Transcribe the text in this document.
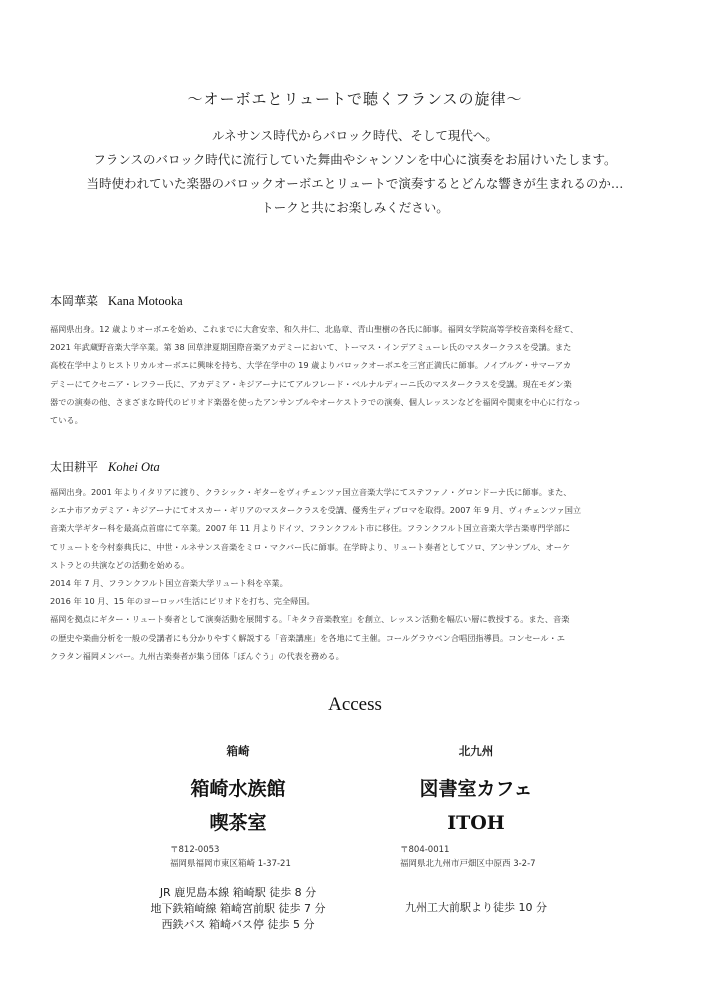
〜オーボエとリュートで聴くフランスの旋律〜
ルネサンス時代からバロック時代、そして現代へ。
フランスのバロック時代に流行していた舞曲やシャンソンを中心に演奏をお届けいたします。
当時使われていた楽器のバロックオーボエとリュートで演奏するとどんな響きが生まれるのか…
トークと共にお楽しみください。
本岡華菜 Kana Motooka
福岡県出身。12 歳よりオーボエを始め、これまでに大倉安幸、和久井仁、北島章、青山聖樹の各氏に師事。福岡女学院高等学校音楽科を経て、
2021 年武蔵野音楽大学卒業。第 38 回草津夏期国際音楽アカデミーにおいて、トーマス・インデアミューレ氏のマスタークラスを受講。また
高校在学中よりヒストリカルオーボエに興味を持ち、大学在学中の 19 歳よりバロックオーボエを三宮正満氏に師事。ノイブルグ・サマーアカ
デミーにてクセニア・レフラー氏に、アカデミア・キジアーナにてアルフレード・ベルナルディーニ氏のマスタークラスを受講。現在モダン楽
器での演奏の他、さまざまな時代のピリオド楽器を使ったアンサンブルやオーケストラでの演奏、個人レッスンなどを福岡や関東を中心に行なっ
ている。
太田耕平 Kohei Ota
福岡出身。2001 年よりイタリアに渡り、クラシック・ギターをヴィチェンツァ国立音楽大学にてステファノ・グロンドーナ氏に師事。また、
シエナ市アカデミア・キジアーナにてオスカー・ギリアのマスタークラスを受講、優秀生ディプロマを取得。2007 年 9 月、ヴィチェンツァ国立
音楽大学ギター科を最高点首席にて卒業。2007 年 11 月よりドイツ、フランクフルト市に移住。フランクフルト国立音楽大学古楽専門学部に
てリュートを今村泰典氏に、中世・ルネサンス音楽をミロ・マクバー氏に師事。在学時より、リュート奏者としてソロ、アンサンブル、オーケ
ストラとの共演などの活動を始める。
2014 年 7 月、フランクフルト国立音楽大学リュート科を卒業。
2016 年 10 月、15 年のヨーロッパ生活にピリオドを打ち、完全帰国。
福岡を拠点にギター・リュート奏者として演奏活動を展開する。「キタラ音楽教室」を創立、レッスン活動を幅広い層に教授する。また、音楽
の歴史や楽曲分析を一般の受講者にも分かりやすく解説する「音楽講座」を各地にて主催。コールグラウベン合唱団指導員。コンセール・エ
クラタン福岡メンバー。九州古楽奏者が集う団体「ぽんぐう」の代表を務める。
Access
箱崎
箱崎水族館
喫茶室
〒812-0053
福岡県福岡市東区箱崎 1-37-21
JR 鹿児島本線 箱崎駅 徒歩 8 分
地下鉄箱崎線 箱崎宮前駅 徒歩 7 分
西鉄バス 箱崎バス停 徒歩 5 分
北九州
図書室カフェ
ITOH
〒804-0011
福岡県北九州市戸畑区中原西 3-2-7
九州工大前駅より徒歩 10 分
